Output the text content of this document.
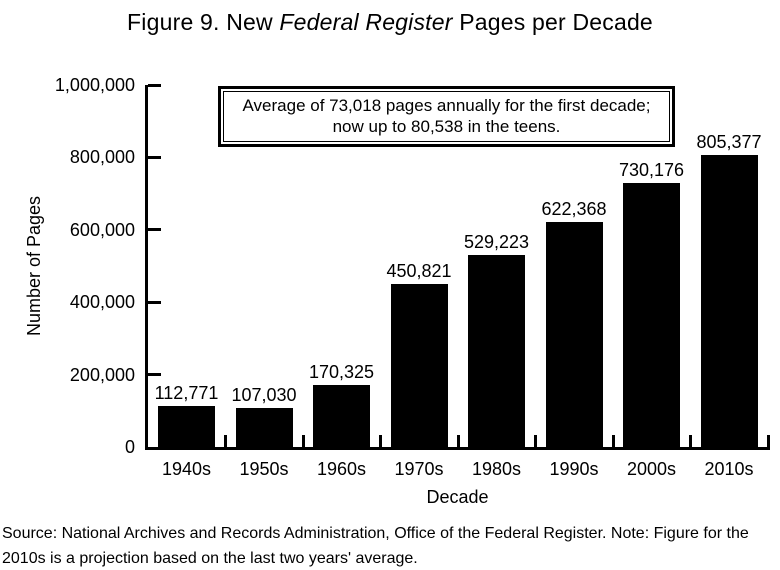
Figure 9. New Federal Register Pages per Decade
Number of Pages
112,771 107,030
170,325
450,821
529,223
622,368
730,176
805,377
Decade
Average of 73,018 pages annually for the first decade;
now up to 80,538 in the teens.
Source: National Archives and Records Administration, Office of the Federal Register. Note: Figure for the
2010s is a projection based on the last two years' average.
0
200,000
400,000
600,000
800,000
1,000,000
1940s	1950s	1960s	1970s	1980s	1990s	2000s	2010s
